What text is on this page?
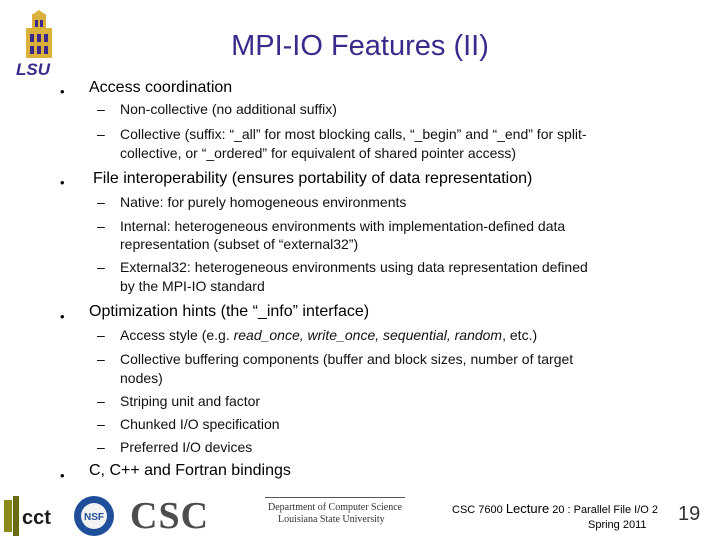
LSU
MPI-IO Features (II)
• Access coordination
– Non-collective (no additional suffix)
– Collective (suffix: “_all” for most blocking calls, “_begin” and “_end” for split-
collective, or “_ordered” for equivalent of shared pointer access)
• File interoperability (ensures portability of data representation)
– Native: for purely homogeneous environments
– Internal: heterogeneous environments with implementation-defined data
representation (subset of “external32”)
– External32: heterogeneous environments using data representation defined
by the MPI-IO standard
• Optimization hints (the “_info” interface)
– Access style (e.g. read_once, write_once, sequential, random, etc.)
– Collective buffering components (buffer and block sizes, number of target
nodes)
– Striping unit and factor
– Chunked I/O specification
– Preferred I/O devices
• C, C++ and Fortran bindings
cct	NSF CSC	Department of Computer Science
Louisiana State University
CSC 7600 Lecture 20 : Parallel File I/O 2
Spring 2011 19
